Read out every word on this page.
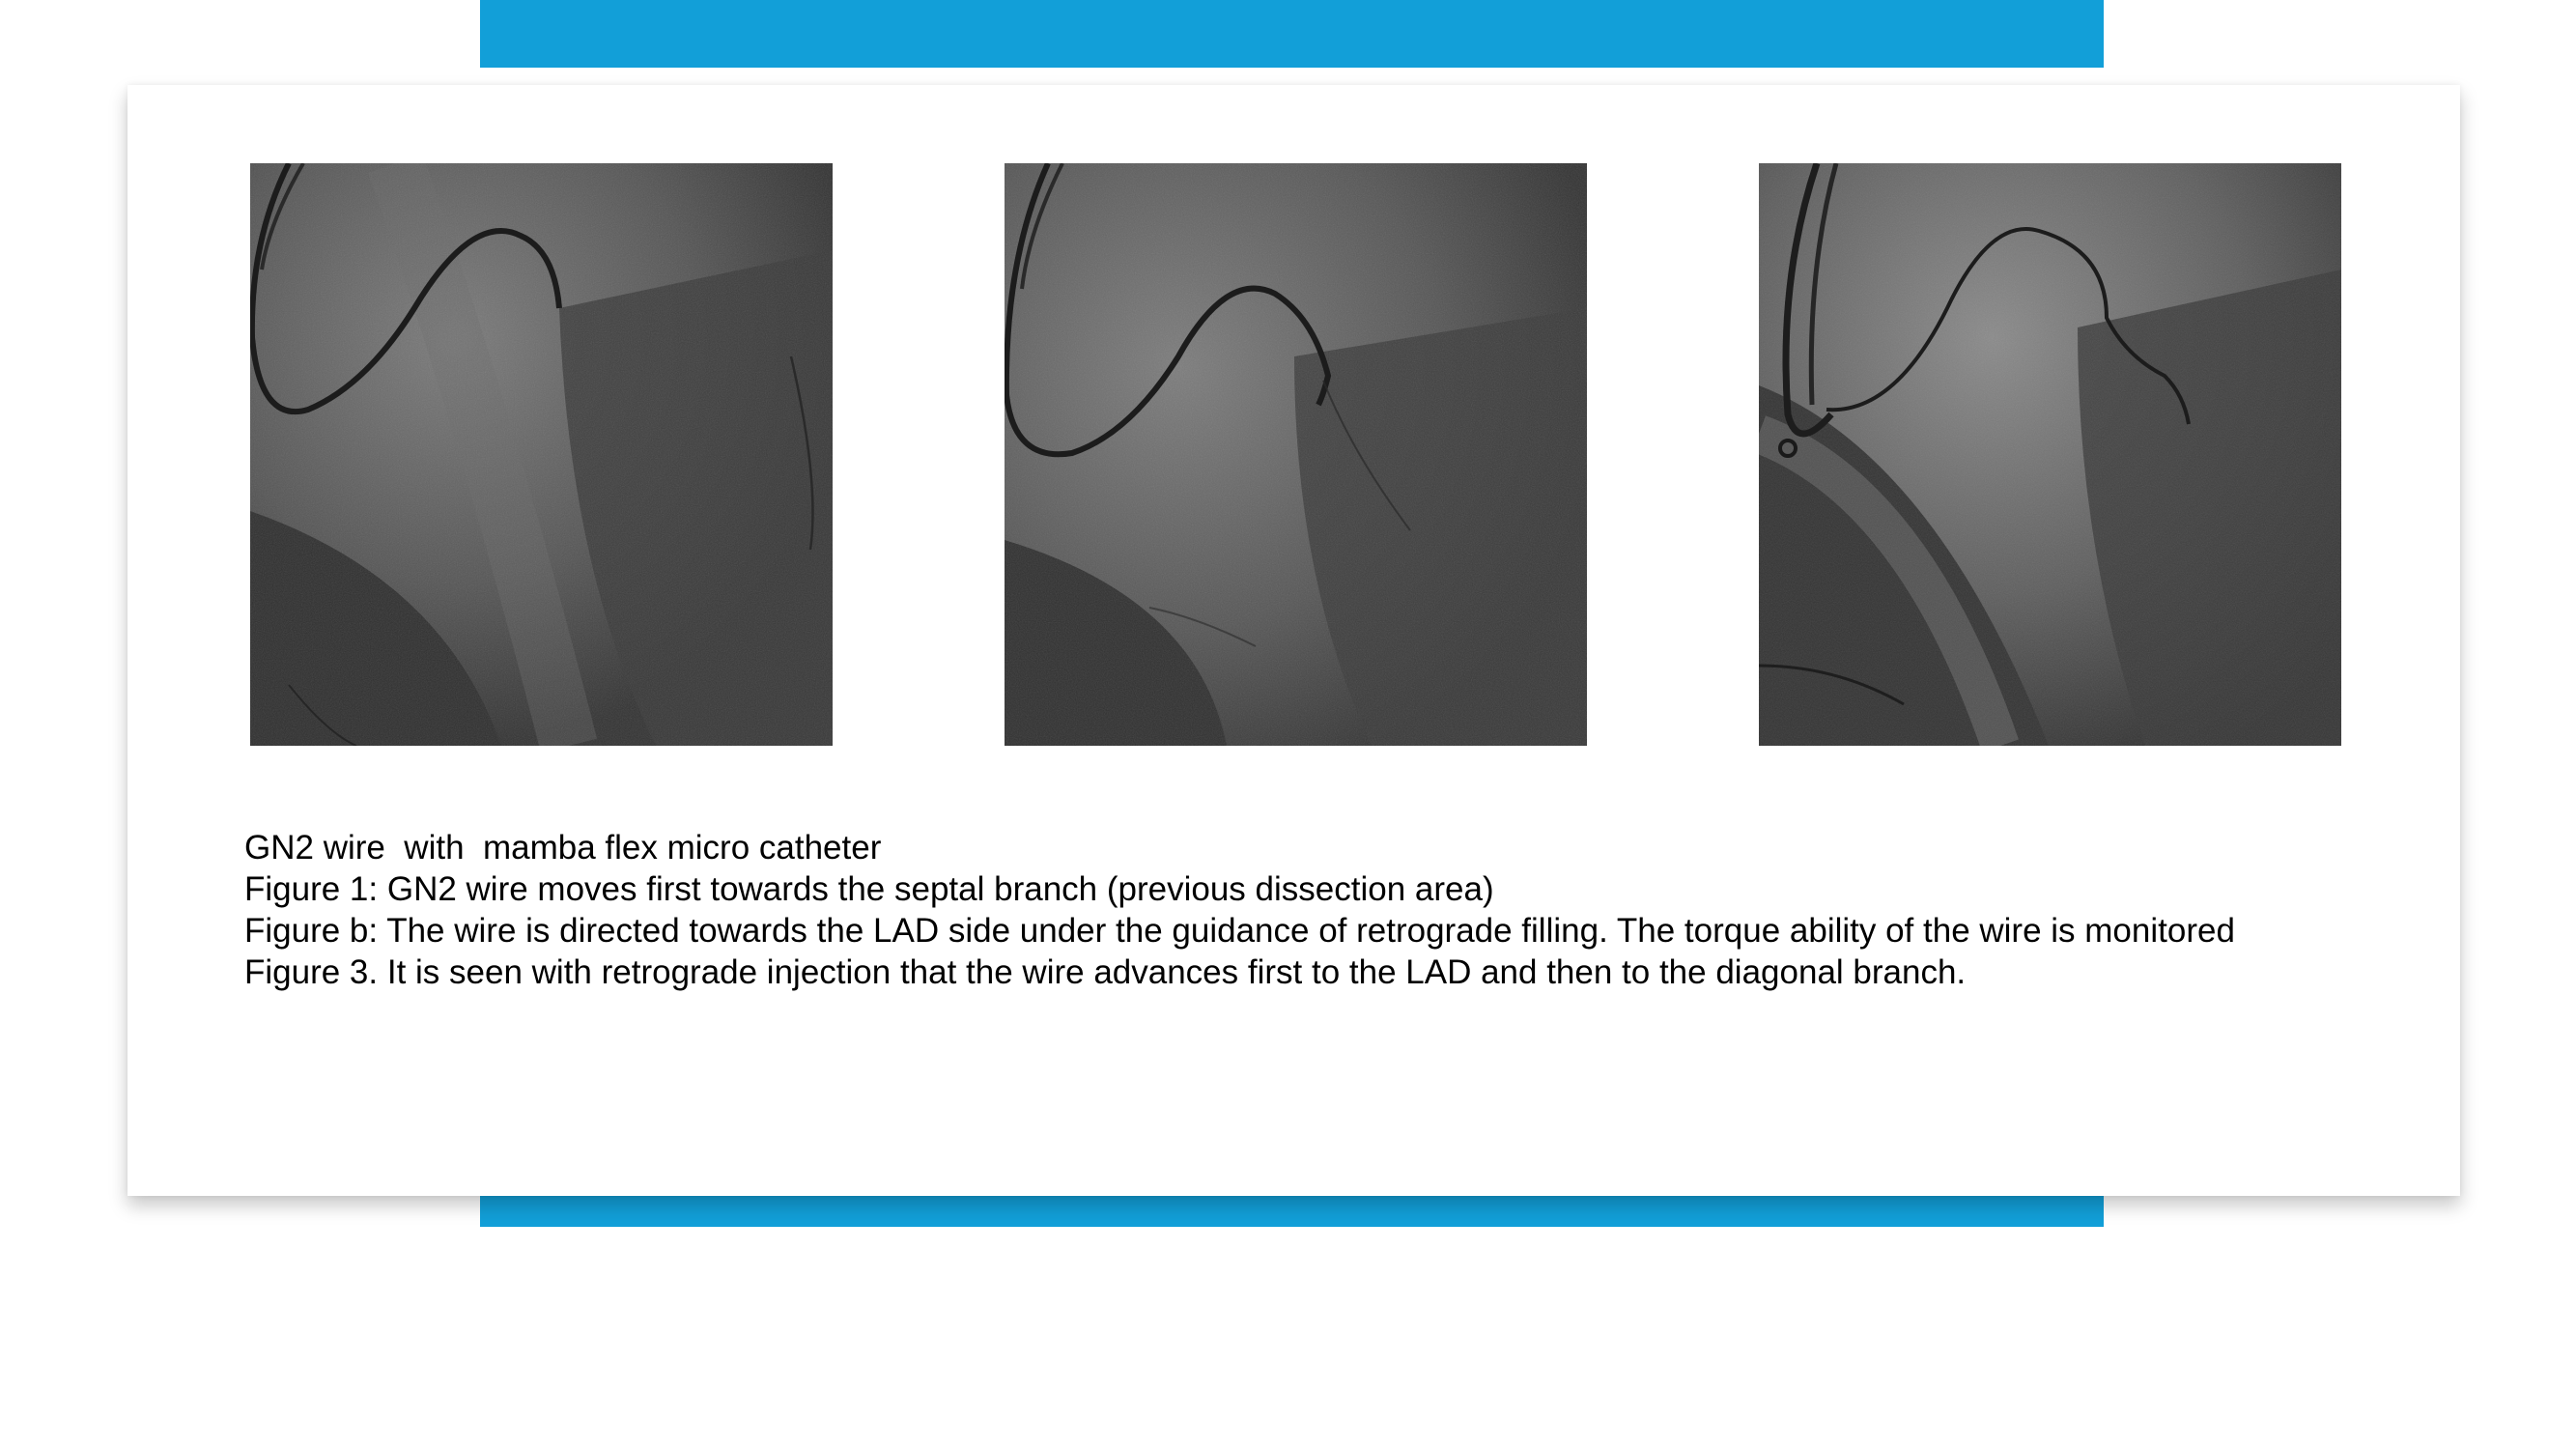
GN2 wire  with  mamba flex micro catheter
Figure 1: GN2 wire moves first towards the septal branch (previous dissection area)
Figure b: The wire is directed towards the LAD side under the guidance of retrograde filling. The torque ability of the wire is monitored
Figure 3. It is seen with retrograde injection that the wire advances first to the LAD and then to the diagonal branch.
